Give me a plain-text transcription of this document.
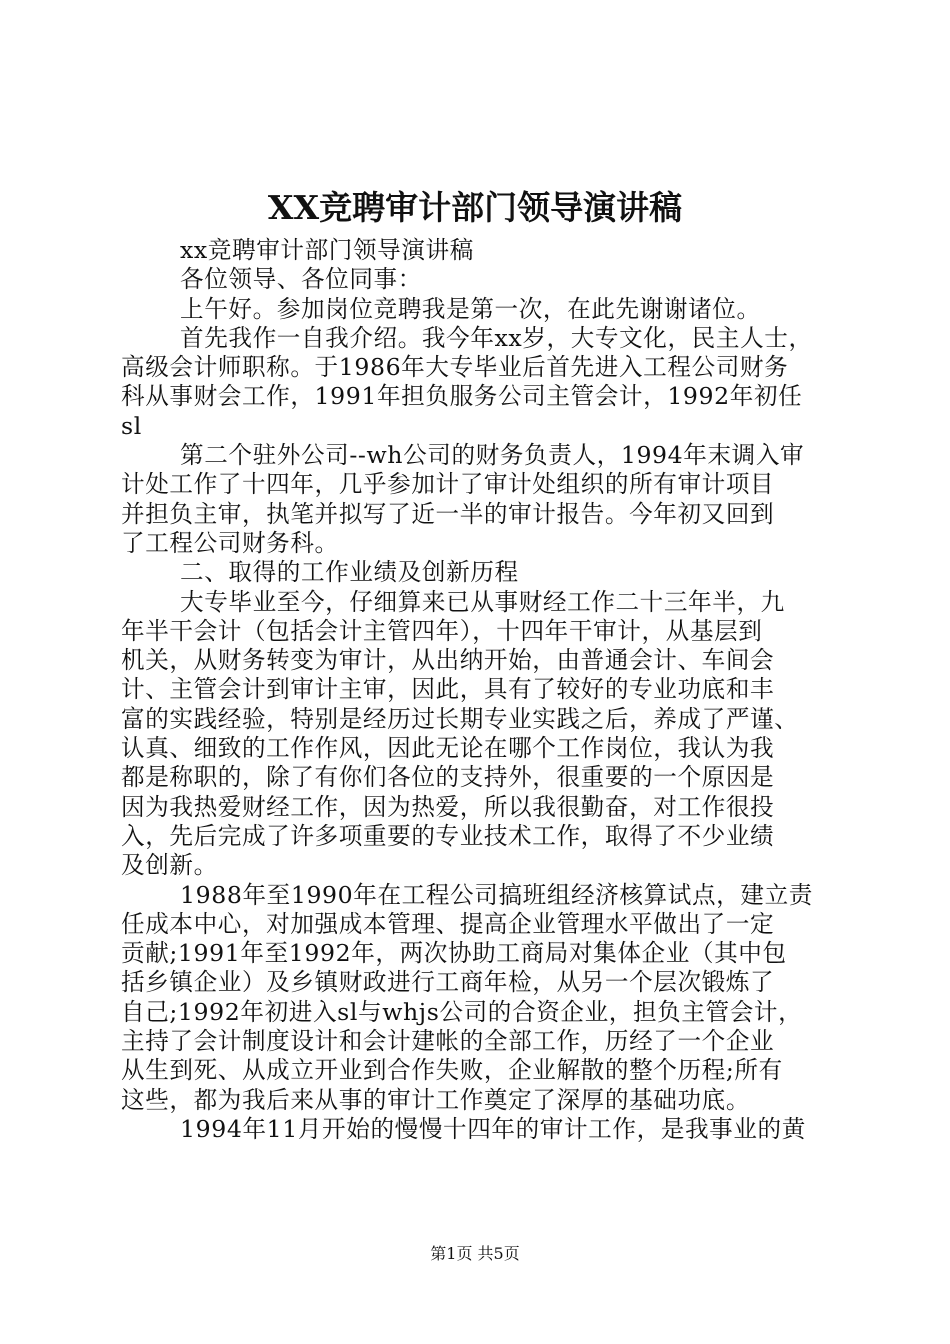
XX竞聘审计部门领导演讲稿
xx竞聘审计部门领导演讲稿
各位领导、各位同事：
上午好。参加岗位竞聘我是第一次，在此先谢谢诸位。
首先我作一自我介绍。我今年xx岁，大专文化，民主人士，
高级会计师职称。于1986年大专毕业后首先进入工程公司财务
科从事财会工作，1991年担负服务公司主管会计，1992年初任
sl
第二个驻外公司--wh公司的财务负责人，1994年末调入审
计处工作了十四年，几乎参加计了审计处组织的所有审计项目
并担负主审，执笔并拟写了近一半的审计报告。今年初又回到
了工程公司财务科。
二、取得的工作业绩及创新历程
大专毕业至今，仔细算来已从事财经工作二十三年半，九
年半干会计（包括会计主管四年），十四年干审计，从基层到
机关，从财务转变为审计，从出纳开始，由普通会计、车间会
计、主管会计到审计主审，因此，具有了较好的专业功底和丰
富的实践经验，特别是经历过长期专业实践之后，养成了严谨、
认真、细致的工作作风，因此无论在哪个工作岗位，我认为我
都是称职的，除了有你们各位的支持外，很重要的一个原因是
因为我热爱财经工作，因为热爱，所以我很勤奋，对工作很投
入，先后完成了许多项重要的专业技术工作，取得了不少业绩
及创新。
1988年至1990年在工程公司搞班组经济核算试点，建立责
任成本中心，对加强成本管理、提高企业管理水平做出了一定
贡献;1991年至1992年，两次协助工商局对集体企业（其中包
括乡镇企业）及乡镇财政进行工商年检，从另一个层次锻炼了
自己;1992年初进入sl与whjs公司的合资企业，担负主管会计，
主持了会计制度设计和会计建帐的全部工作，历经了一个企业
从生到死、从成立开业到合作失败，企业解散的整个历程;所有
这些，都为我后来从事的审计工作奠定了深厚的基础功底。
1994年11月开始的慢慢十四年的审计工作，是我事业的黄
第1页 共5页
